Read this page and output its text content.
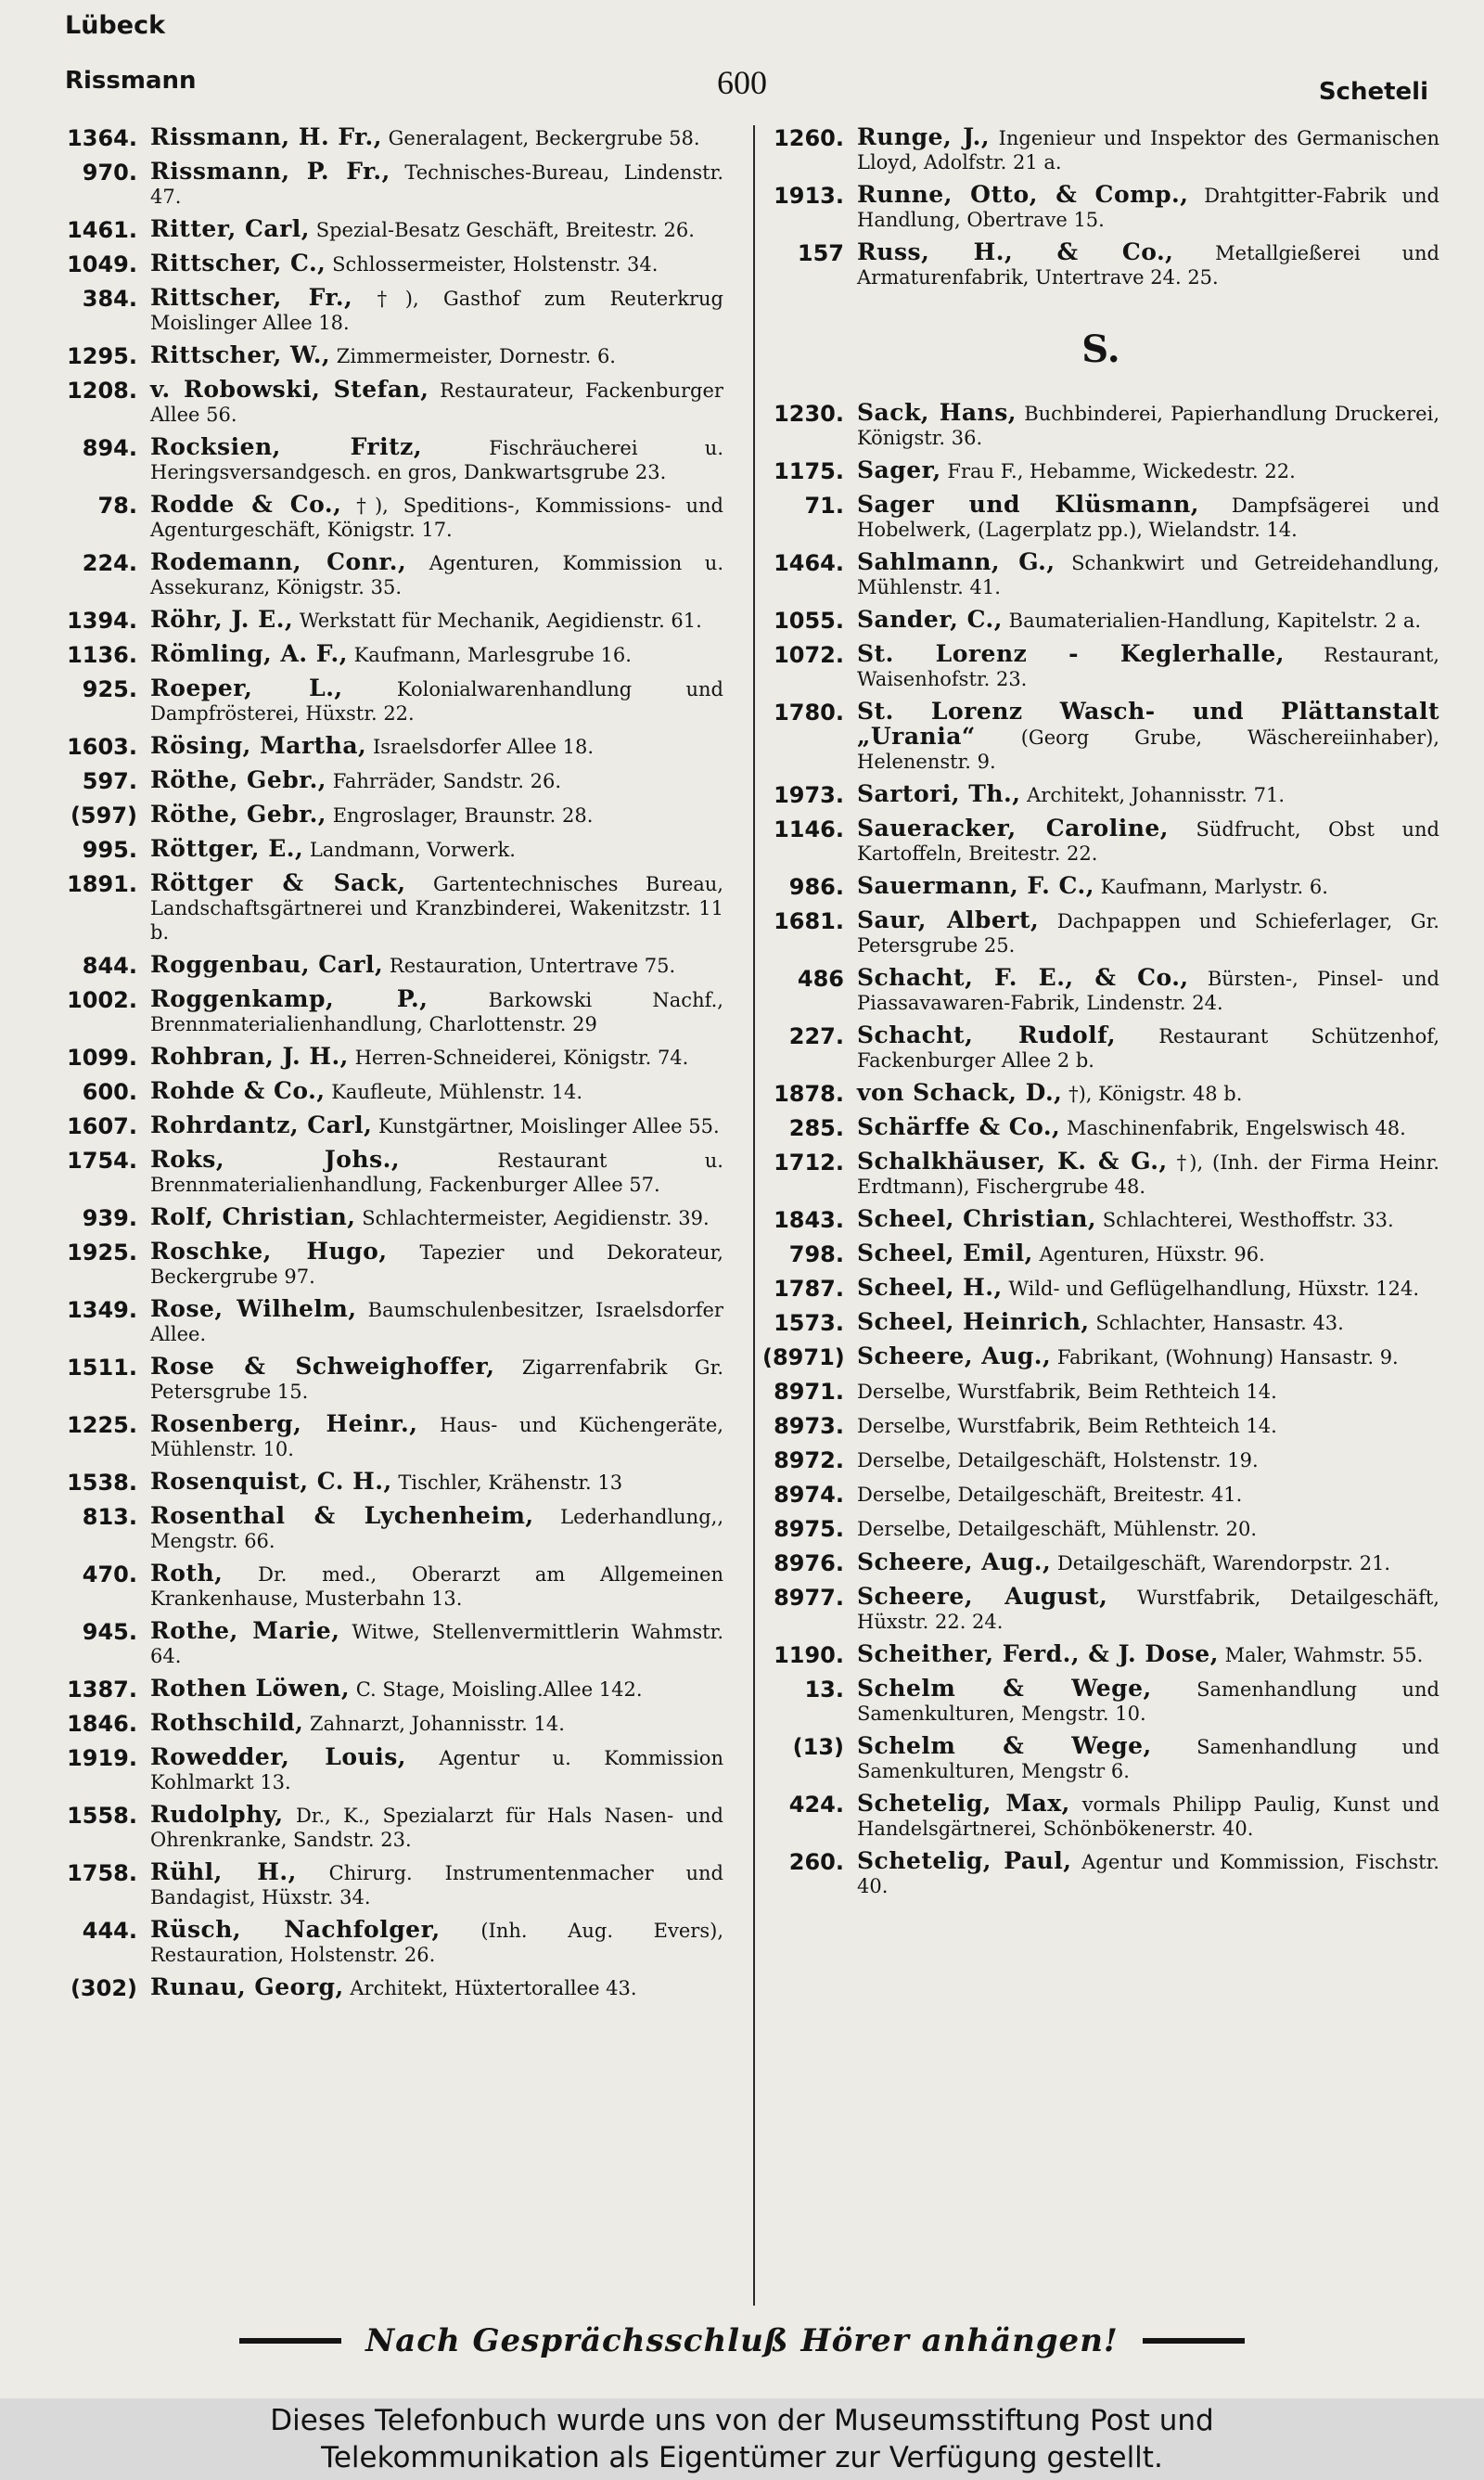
Lübeck
Rissmann	600	Scheteli
1364. Rissmann, H. Fr., Generalagent, Beckergrube 58.
970. Rissmann, P. Fr., Technisches-Bureau, Lindenstr. 47.
1461. Ritter, Carl, Spezial-Besatz Geschäft, Breitestr. 26.
1049. Rittscher, C., Schlossermeister, Holstenstr. 34.
384. Rittscher, Fr., †), Gasthof zum Reuterkrug Moislinger Allee 18.
1295. Rittscher, W., Zimmermeister, Dornestr. 6.
1208. v. Robowski, Stefan, Restaurateur, Fackenburger Allee 56.
894. Rocksien, Fritz,	Fischräucherei u. Heringsversandgesch. en gros, Dankwartsgrube 23.
78. Rodde & Co., †), Speditions-, Kommissions- und Agenturgeschäft, Königstr. 17.
224. Rodemann, Conr., Agenturen, Kommission u. Assekuranz, Königstr. 35.
1394. Röhr, J. E., Werkstatt für Mechanik, Aegidienstr. 61.
1136. Römling, A. F., Kaufmann, Marlesgrube 16.
925. Roeper, L.,	Kolonialwarenhandlung und Dampfrösterei, Hüxstr. 22.
1603. Rösing, Martha, Israelsdorfer Allee 18.
597. Röthe, Gebr., Fahrräder, Sandstr. 26.
(597) Röthe, Gebr., Engroslager, Braunstr. 28.
995. Röttger, E., Landmann, Vorwerk.
1891. Röttger & Sack, Gartentechnisches Bureau, Landschaftsgärtnerei und Kranzbinderei, Wakenitzstr. 11 b.
844. Roggenbau, Carl, Restauration, Untertrave 75.
1002. Roggenkamp, P.,	Barkowski Nachf., Brennmaterialienhandlung, Charlottenstr. 29
1099. Rohbran, J. H., Herren-Schneiderei, Königstr. 74.
600. Rohde & Co., Kaufleute, Mühlenstr. 14.
1607. Rohrdantz, Carl, Kunstgärtner, Moislinger Allee 55.
1754. Roks, Johs.,	Restaurant u. Brennmaterialienhandlung, Fackenburger Allee 57.
939. Rolf, Christian, Schlachtermeister, Aegidienstr. 39.
1925. Roschke, Hugo, Tapezier und Dekorateur, Beckergrube 97.
1349. Rose, Wilhelm, Baumschulenbesitzer, Israelsdorfer Allee.
1511. Rose & Schweighoffer, Zigarrenfabrik Gr. Petersgrube 15.
1225. Rosenberg, Heinr., Haus- und Küchengeräte, Mühlenstr. 10.
1538. Rosenquist, C. H., Tischler, Krähenstr. 13
813. Rosenthal & Lychenheim, Lederhandlung,, Mengstr. 66.
470. Roth, Dr. med., Oberarzt am Allgemeinen Krankenhause, Musterbahn 13.
945. Rothe, Marie, Witwe, Stellenvermittlerin Wahmstr. 64.
1387. Rothen Löwen, C. Stage, Moisling.Allee 142.
1846. Rothschild, Zahnarzt, Johannisstr. 14.
1919. Rowedder, Louis, Agentur u. Kommission Kohlmarkt 13.
1558. Rudolphy, Dr., K., Spezialarzt für Hals Nasen- und Ohrenkranke, Sandstr. 23.
1758. Rühl, H., Chirurg. Instrumentenmacher und Bandagist, Hüxstr. 34.
444. Rüsch, Nachfolger, (Inh. Aug. Evers), Restauration, Holstenstr. 26.
(302) Runau, Georg, Architekt, Hüxtertorallee 43.
1260. Runge, J., Ingenieur und Inspektor des Germanischen Lloyd, Adolfstr. 21 a.
1913. Runne, Otto, & Comp., Drahtgitter-Fabrik und Handlung, Obertrave 15.
157 Russ, H., & Co., Metallgießerei und Armaturenfabrik, Untertrave 24. 25.
S.
1230. Sack, Hans, Buchbinderei, Papierhandlung Druckerei, Königstr. 36.
1175. Sager, Frau F., Hebamme, Wickedestr. 22.
71. Sager und Klüsmann, Dampfsägerei und Hobelwerk, (Lagerplatz pp.), Wielandstr. 14.
1464. Sahlmann, G., Schankwirt und Getreidehandlung, Mühlenstr. 41.
1055. Sander, C., Baumaterialien-Handlung, Kapitelstr. 2 a.
1072. St. Lorenz - Keglerhalle, Restaurant, Waisenhofstr. 23.
1780. St. Lorenz Wasch- und Plättanstalt „Urania“ (Georg Grube, Wäschereiinhaber), Helenenstr. 9.
1973. Sartori, Th., Architekt, Johannisstr. 71.
1146. Saueracker, Caroline, Südfrucht, Obst und Kartoffeln, Breitestr. 22.
986. Sauermann, F. C., Kaufmann, Marlystr. 6.
1681. Saur, Albert, Dachpappen und Schieferlager, Gr. Petersgrube 25.
486 Schacht, F. E., & Co., Bürsten-, Pinsel- und Piassavawaren-Fabrik, Lindenstr. 24.
227. Schacht, Rudolf, Restaurant Schützenhof, Fackenburger Allee 2 b.
1878. von Schack, D., †), Königstr. 48 b.
285. Schärffe & Co., Maschinenfabrik, Engelswisch 48.
1712. Schalkhäuser, K. & G., †), (Inh. der Firma Heinr. Erdtmann), Fischergrube 48.
1843. Scheel, Christian, Schlachterei, Westhoffstr. 33.
798. Scheel, Emil, Agenturen, Hüxstr. 96.
1787. Scheel, H., Wild- und Geflügelhandlung, Hüxstr. 124.
1573. Scheel, Heinrich, Schlachter, Hansastr. 43.
(8971) Scheere, Aug., Fabrikant, (Wohnung) Hansastr. 9.
8971. Derselbe, Wurstfabrik, Beim Rethteich 14.
8973. Derselbe, Wurstfabrik, Beim Rethteich 14.
8972. Derselbe, Detailgeschäft, Holstenstr. 19.
8974. Derselbe, Detailgeschäft, Breitestr. 41.
8975. Derselbe, Detailgeschäft, Mühlenstr. 20.
8976. Scheere, Aug., Detailgeschäft, Warendorpstr. 21.
8977. Scheere, August, Wurstfabrik, Detailgeschäft, Hüxstr. 22. 24.
1190. Scheither, Ferd., & J. Dose, Maler, Wahmstr. 55.
13. Schelm & Wege, Samenhandlung und Samenkulturen, Mengstr. 10.
(13) Schelm & Wege, Samenhandlung und Samenkulturen, Mengstr 6.
424. Schetelig, Max, vormals Philipp Paulig, Kunst und Handelsgärtnerei, Schönbökenerstr. 40.
260. Schetelig, Paul, Agentur und Kommission, Fischstr. 40.
Nach Gesprächsschluß Hörer anhängen!
Dieses Telefonbuch wurde uns von der Museumsstiftung Post und
Telekommunikation als Eigentümer zur Verfügung gestellt.
